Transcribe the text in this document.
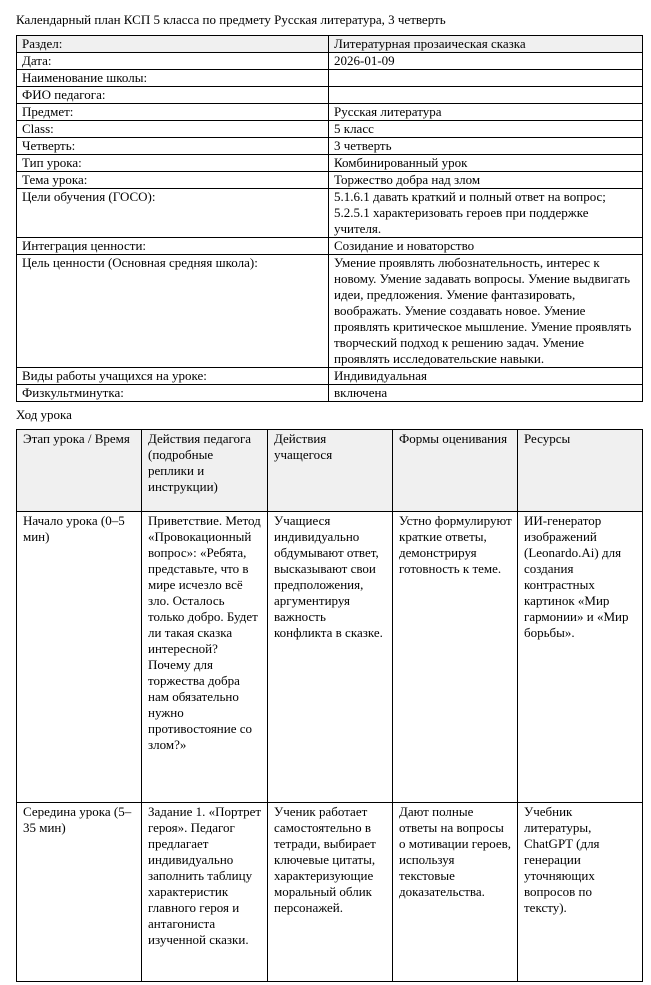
Календарный план КСП 5 класса по предмету Русская литература, 3 четверть
Раздел:	Литературная прозаическая сказка
Дата:	2026-01-09
Наименование школы:	
ФИО педагога:	
Предмет:	Русская литература
Class:	5 класс
Четверть:	3 четверть
Тип урока:	Комбинированный урок
Тема урока:	Торжество добра над злом
Цели обучения (ГОСО):	5.1.6.1 давать краткий и полный ответ на вопрос; 5.2.5.1 характеризовать героев при поддержке учителя.
Интеграция ценности:	Созидание и новаторство
Цель ценности (Основная средняя школа):	Умение проявлять любознательность, интерес к новому. Умение задавать вопросы. Умение выдвигать идеи, предложения. Умение фантазировать, воображать. Умение создавать новое. Умение проявлять критическое мышление. Умение проявлять творческий подход к решению задач. Умение проявлять исследовательские навыки.
Виды работы учащихся на уроке:	Индивидуальная
Физкультминутка:	включена
Ход урока
Этап урока / Время	Действия педагога (подробные реплики и инструкции)	Действия учащегося	Формы оценивания	Ресурсы
Начало урока (0–5 мин)	Приветствие. Метод «Провокационный вопрос»: «Ребята, представьте, что в мире исчезло всё зло. Осталось только добро. Будет ли такая сказка интересной? Почему для торжества добра нам обязательно нужно противостояние со злом?»	Учащиеся индивидуально обдумывают ответ, высказывают свои предположения, аргументируя важность конфликта в сказке.	Устно формулируют краткие ответы, демонстрируя готовность к теме.	ИИ-генератор изображений (Leonardo.Ai) для создания контрастных картинок «Мир гармонии» и «Мир борьбы».
Середина урока (5–35 мин)	Задание 1. «Портрет героя». Педагог предлагает индивидуально заполнить таблицу характеристик главного героя и антагониста изученной сказки.	Ученик работает самостоятельно в тетради, выбирает ключевые цитаты, характеризующие моральный облик персонажей.	Дают полные ответы на вопросы о мотивации героев, используя текстовые доказательства.	Учебник литературы, ChatGPT (для генерации уточняющих вопросов по тексту).
